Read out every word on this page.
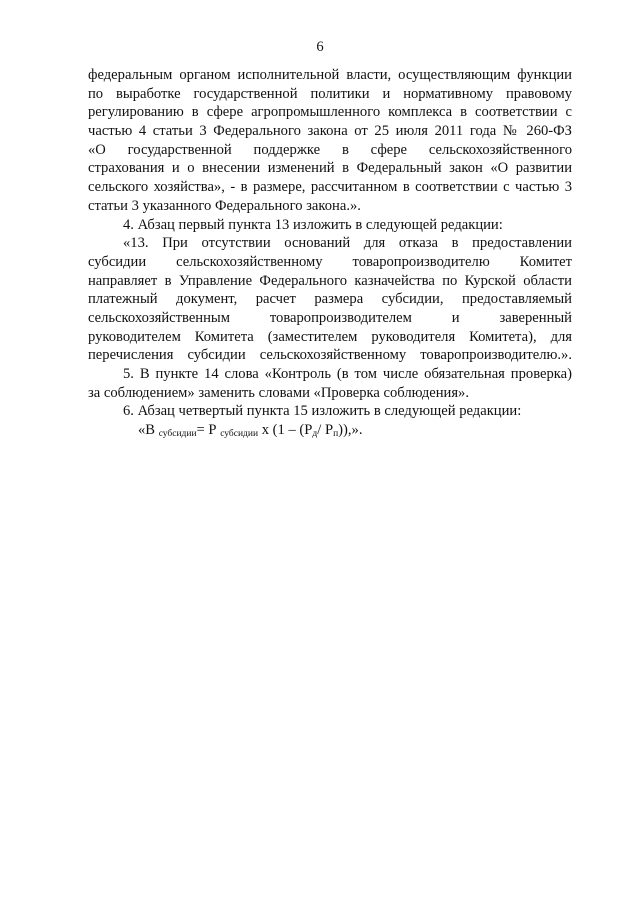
6
федеральным органом исполнительной власти, осуществляющим функции
по выработке государственной политики и нормативному правовому
регулированию в сфере агропромышленного комплекса в соответствии с
частью 4 статьи 3 Федерального закона от 25 июля 2011 года № 260-ФЗ
«О государственной поддержке в сфере сельскохозяйственного
страхования и о внесении изменений в Федеральный закон «О развитии
сельского хозяйства», - в размере, рассчитанном в соответствии с частью 3
статьи 3 указанного Федерального закона.».
4. Абзац первый пункта 13 изложить в следующей редакции:
«13. При отсутствии оснований для отказа в предоставлении
субсидии сельскохозяйственному товаропроизводителю Комитет
направляет в Управление Федерального казначейства по Курской области
платежный документ, расчет размера субсидии, предоставляемый
сельскохозяйственным товаропроизводителем и заверенный
руководителем Комитета (заместителем руководителя Комитета), для
перечисления субсидии сельскохозяйственному товаропроизводителю.».
5. В пункте 14 слова «Контроль (в том числе обязательная проверка)
за соблюдением» заменить словами «Проверка соблюдения».
6. Абзац четвертый пункта 15 изложить в следующей редакции:
«В $_{субсидии}$= Р $_{субсидии}$ х ($1 - (Р_д/$ $Р_п$)),».
